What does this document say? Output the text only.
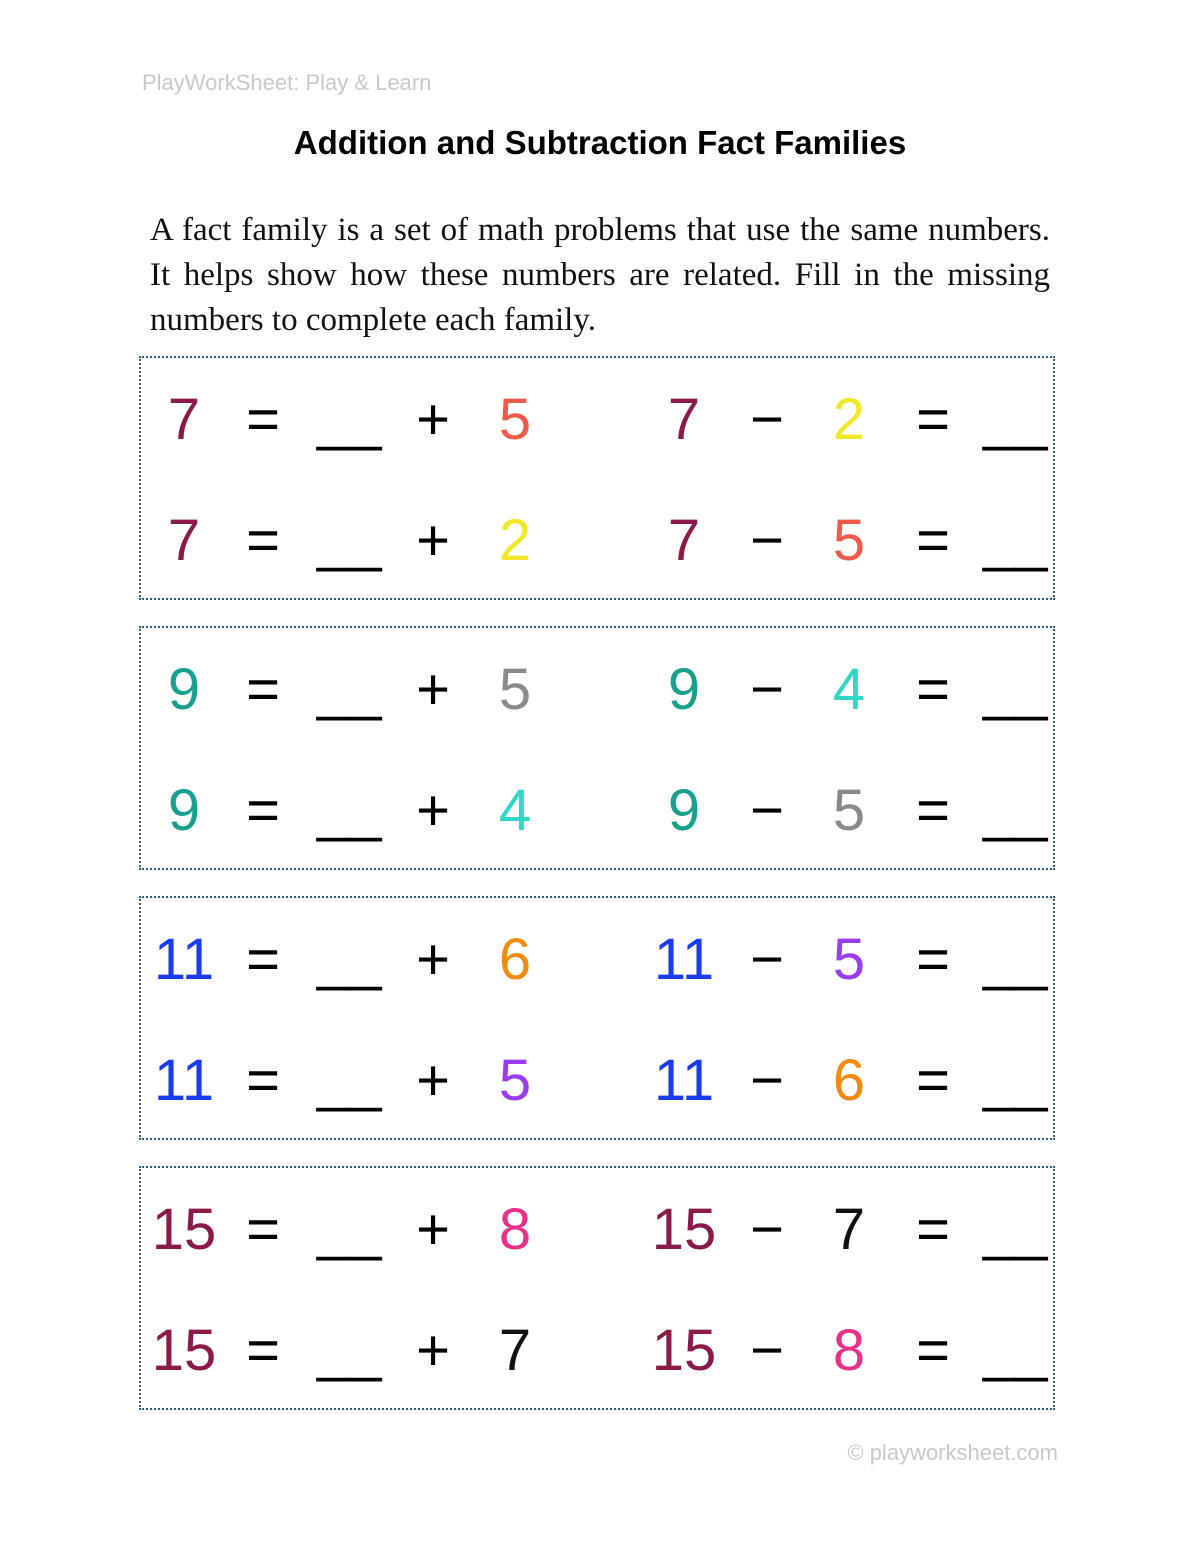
PlayWorkSheet: Play & Learn
Addition and Subtraction Fact Families
A fact family is a set of math problems that use the same numbers. It helps show how these numbers are related. Fill in the missing numbers to complete each family.
7 = __ + 5	7 − 2 = __
7 = __ + 2	7 − 5 = __
9 = __ + 5	9 − 4 = __
9 = __ + 4	9 − 5 = __
11 = __ + 6 11 − 5 = __
11 = __ + 5 11 − 6 = __
15 = __ + 8 15 − 7 = __
15 = __ + 7 15 − 8 = __
© playworksheet.com
